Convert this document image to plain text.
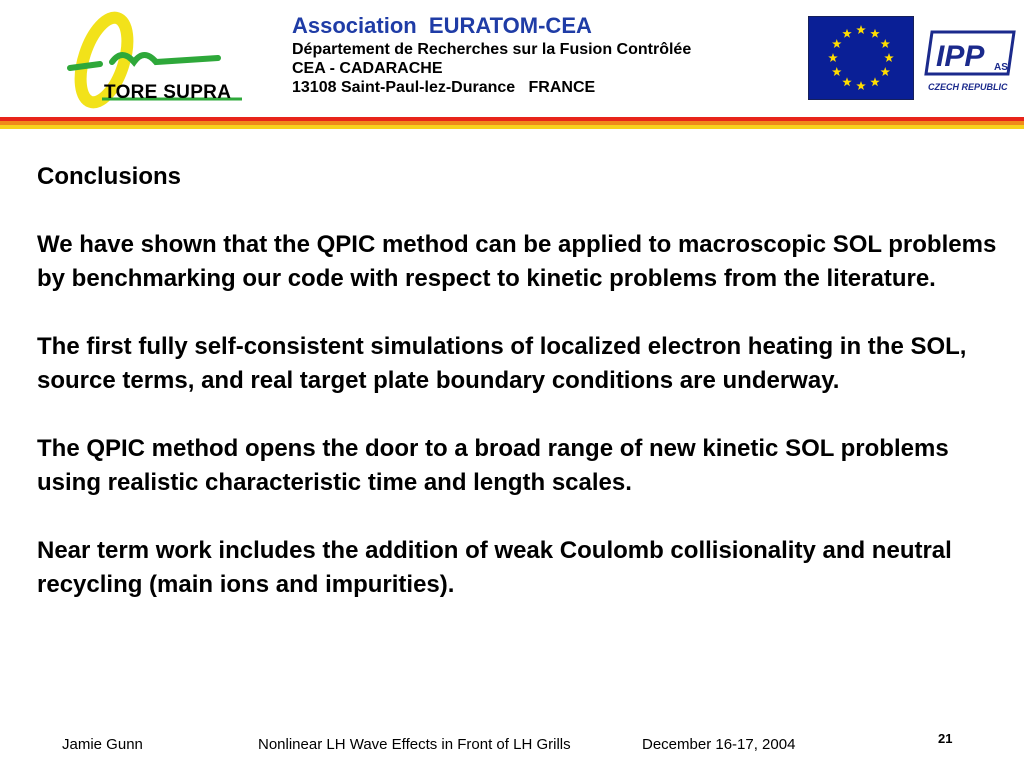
TORE SUPRA
Association  EURATOM-CEA
Département de Recherches sur la Fusion Contrôlée
CEA - CADARACHE
13108 Saint-Paul-lez-Durance   FRANCE
IPP AS
CZECH REPUBLIC
Conclusions
We have shown that the QPIC method can be applied to macroscopic SOL problems by benchmarking our code with respect to kinetic problems from the literature.
The first fully self-consistent simulations of localized electron heating in the SOL, source terms, and real target plate boundary conditions are underway.
The QPIC method opens the door to a broad range of new kinetic SOL problems using realistic characteristic time and length scales.
Near term work includes the addition of weak Coulomb collisionality and neutral recycling (main ions and impurities).
Jamie Gunn	Nonlinear LH Wave Effects in Front of LH Grills	December 16-17, 2004	21
